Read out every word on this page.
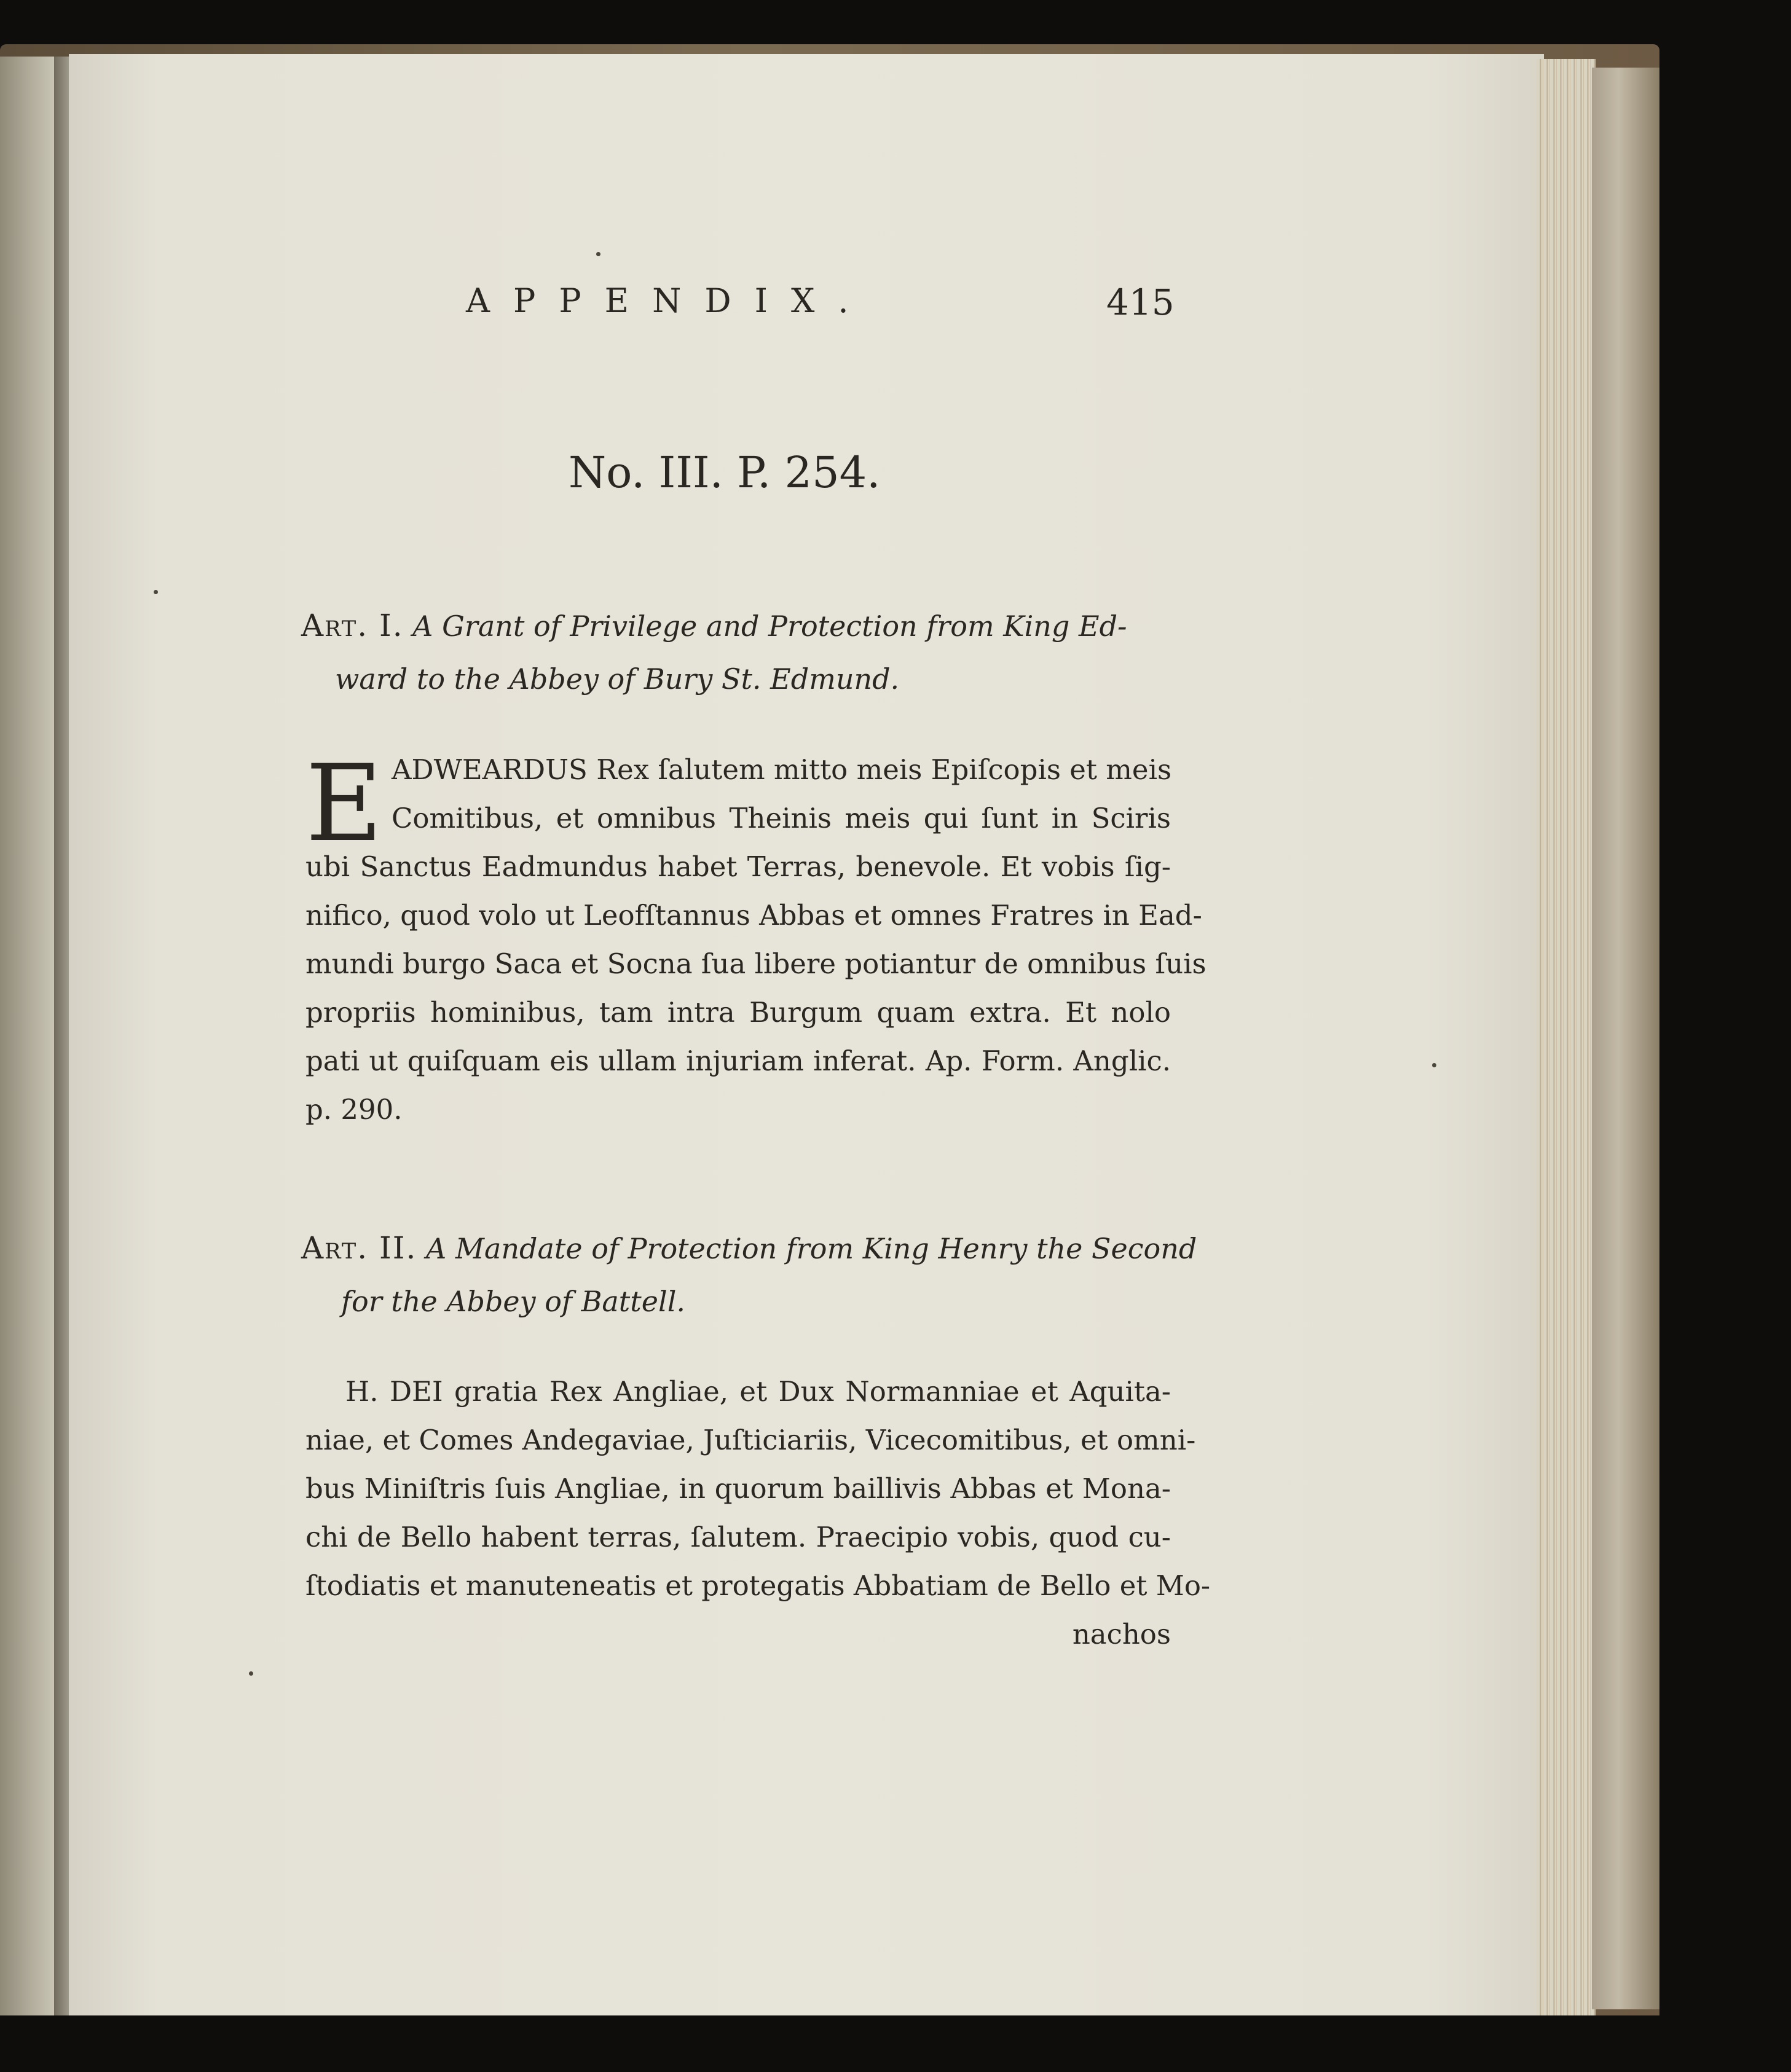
APPENDIX.	415
No. III. P. 254.
Art. I. A Grant of Privilege and Protection from King Ed-
ward to the Abbey of Bury St. Edmund.
E ADWEARDUS Rex ſalutem mitto meis Epiſcopis et meis
Comitibus, et omnibus Theinis meis qui ſunt in Sciris
ubi Sanctus Eadmundus habet Terras, benevole. Et vobis ſig-
nifico, quod volo ut Leofſtannus Abbas et omnes Fratres in Ead-
mundi burgo Saca et Socna ſua libere potiantur de omnibus ſuis
propriis hominibus, tam intra Burgum quam extra. Et nolo
pati ut quiſquam eis ullam injuriam inferat. Ap. Form. Anglic.
p. 290.
Art. II. A Mandate of Protection from King Henry the Second
for the Abbey of Battell.
H. DEI gratia Rex Angliae, et Dux Normanniae et Aquita-
niae, et Comes Andegaviae, Juſticiariis, Vicecomitibus, et omni-
bus Miniſtris ſuis Angliae, in quorum baillivis Abbas et Mona-
chi de Bello habent terras, ſalutem. Praecipio vobis, quod cu-
ſtodiatis et manuteneatis et protegatis Abbatiam de Bello et Mo-
nachos
